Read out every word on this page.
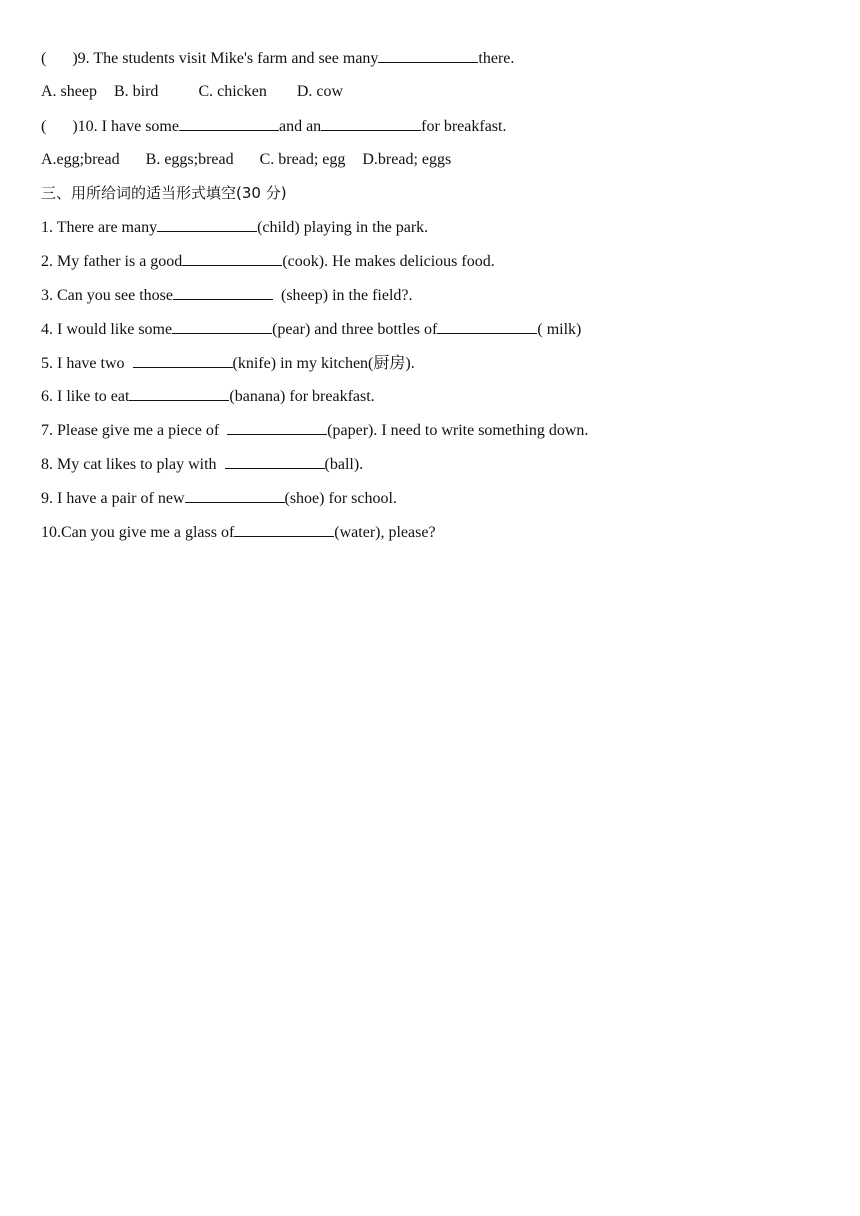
( )9. The students visit Mike's farm and see many	there.
A. sheep B. bird	C. chicken D. cow
( )10. I have some	and an	for breakfast.
A.egg;bread B. eggs;bread C. bread; egg D.bread; eggs
三、用所给词的适当形式填空(30 分)
1. There are many	(child) playing in the park.
2. My father is a good	(cook). He makes delicious food.
3. Can you see those	(sheep) in the field?.
4. I would like some	(pear) and three bottles of	( milk)
5. I have two	(knife) in my kitchen(厨房).
6. I like to eat	(banana) for breakfast.
7. Please give me a piece of	(paper). I need to write something down.
8. My cat likes to play with	(ball).
9. I have a pair of new	(shoe) for school.
10.Can you give me a glass of	(water), please?
